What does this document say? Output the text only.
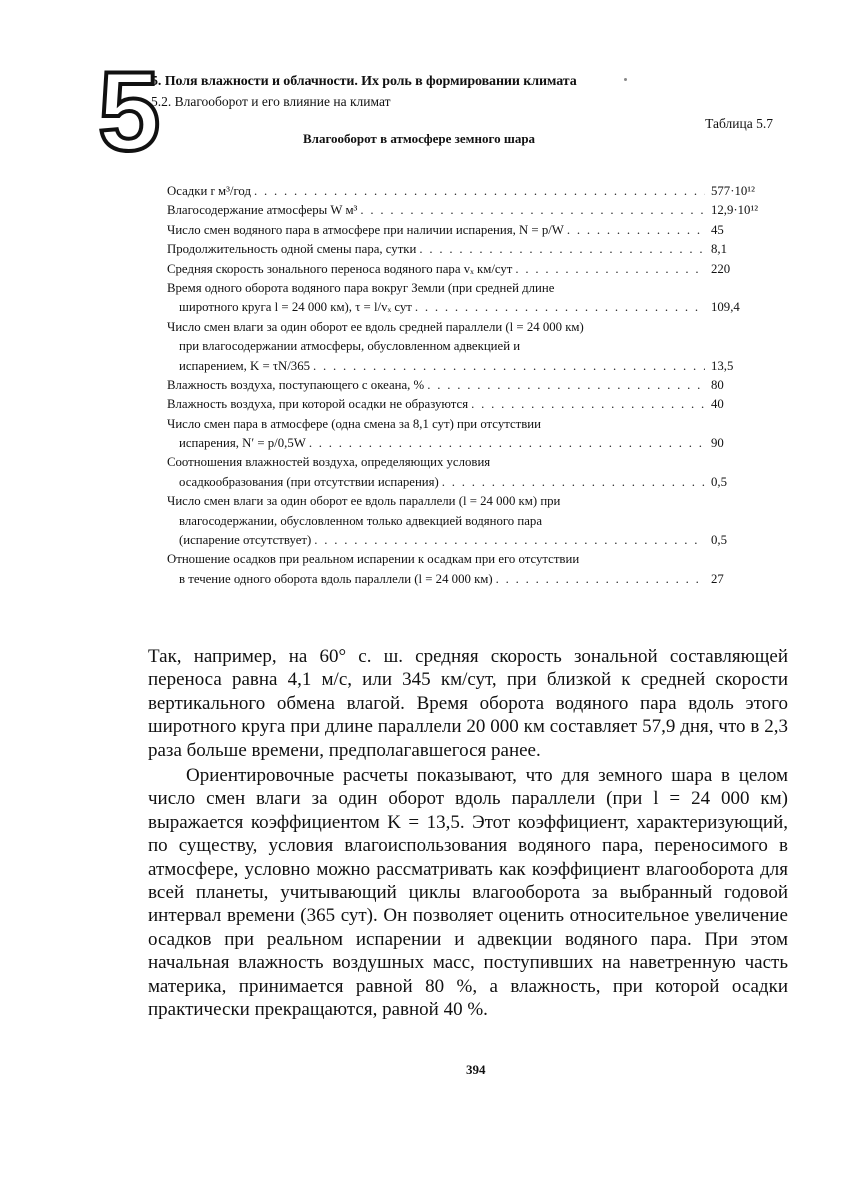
5
5. Поля влажности и облачности. Их роль в формировании климата
5.2. Влагооборот и его влияние на климат
Таблица 5.7
Влагооборот в атмосфере земного шара
Осадки r м³/год . . .	577·10¹²
Влагосодержание атмосферы W м³ . . .	12,9·10¹²
Число смен водяного пара в атмосфере при наличии испарения, N = p/W . . .	45
Продолжительность одной смены пара, сутки . . .	8,1
Средняя скорость зонального переноса водяного пара vₓ км/сут . . .	220
Время одного оборота водяного пара вокруг Земли (при средней длине
широтного круга l = 24 000 км), τ = l/vₓ сут . . .	109,4
Число смен влаги за один оборот ее вдоль средней параллели (l = 24 000 км)
при влагосодержании атмосферы, обусловленном адвекцией и
испарением, K = τN/365 . . .	13,5
Влажность воздуха, поступающего с океана, % . . .	80
Влажность воздуха, при которой осадки не образуются . . .	40
Число смен пара в атмосфере (одна смена за 8,1 сут) при отсутствии
испарения, N′ = p/0,5W . . .	90
Соотношения влажностей воздуха, определяющих условия
осадкообразования (при отсутствии испарения) . . .	0,5
Число смен влаги за один оборот ее вдоль параллели (l = 24 000 км) при
влагосодержании, обусловленном только адвекцией водяного пара
(испарение отсутствует) . . .	0,5
Отношение осадков при реальном испарении к осадкам при его отсутствии
в течение одного оборота вдоль параллели (l = 24 000 км) . . .	27

Так, например, на 60° с. ш. средняя скорость зональной составляющей переноса равна 4,1 м/с, или 345 км/сут, при близкой к средней скорости вертикального обмена влагой. Время оборота водяного пара вдоль этого широтного круга при длине параллели 20 000 км составляет 57,9 дня, что в 2,3 раза больше времени, предполагавшегося ранее.

Ориентировочные расчеты показывают, что для земного шара в целом число смен влаги за один оборот вдоль параллели (при l = 24 000 км) выражается коэффициентом K = 13,5. Этот коэффициент, характеризующий, по существу, условия влагоиспользования водяного пара, переносимого в атмосфере, условно можно рассматривать как коэффициент влагооборота для всей планеты, учитывающий циклы влагооборота за выбранный годовой интервал времени (365 сут). Он позволяет оценить относительное увеличение осадков при реальном испарении и адвекции водяного пара. При этом начальная влажность воздушных масс, поступивших на наветренную часть материка, принимается равной 80 %, а влажность, при которой осадки практически прекращаются, равной 40 %.

394
